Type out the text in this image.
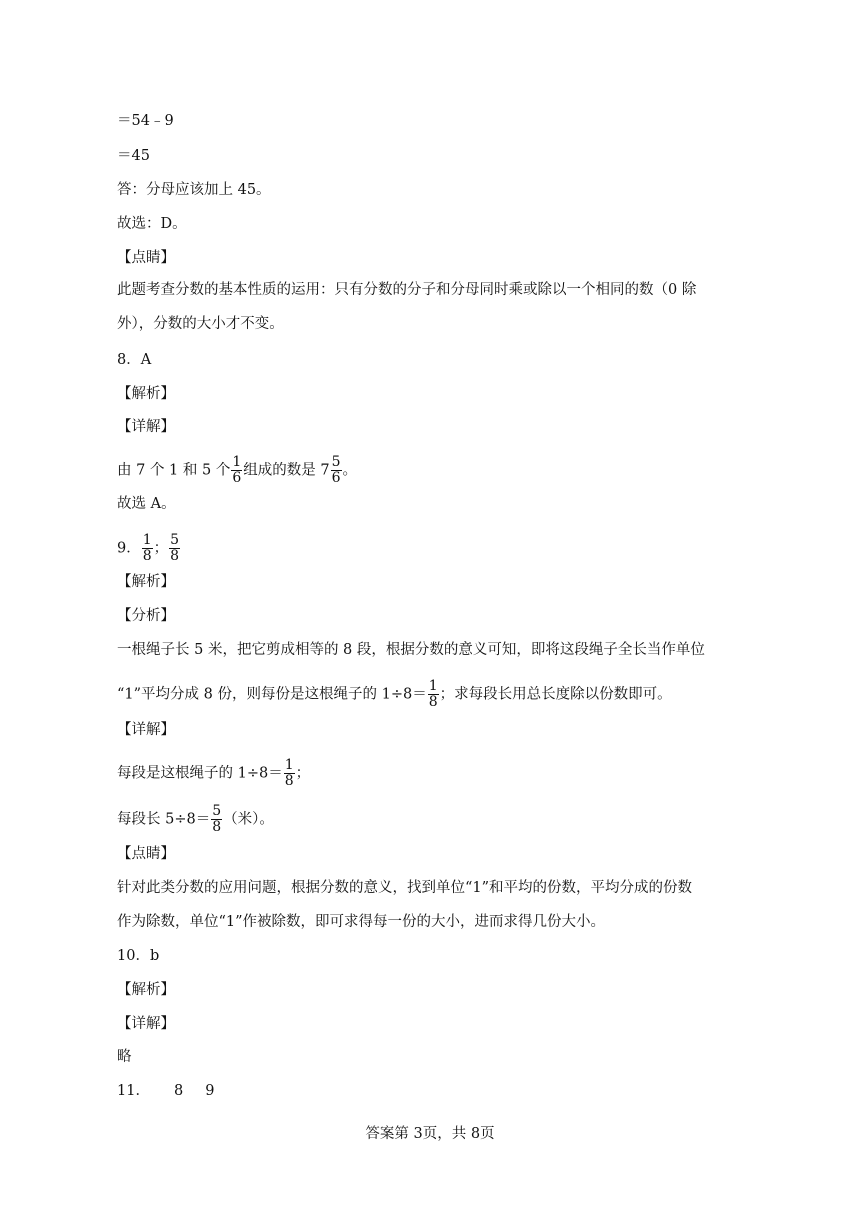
＝54﹣9

＝45

答：分母应该加上 45。

故选：D。

【点睛】

此题考查分数的基本性质的运用：只有分数的分子和分母同时乘或除以一个相同的数（0 除

外），分数的大小才不变。

8．A

【解析】

【详解】

由 7 个 1 和 5 个 $\frac{1}{6}$ 组成的数是 $7 \frac{5}{6}$ 。

故选 A。

9． $\frac{1}{8}$ ； $\frac{5}{8}$

【解析】

【分析】

一根绳子长 5 米，把它剪成相等的 8 段，根据分数的意义可知，即将这段绳子全长当作单位

“1”平均分成 8 份，则每份是这根绳子的 $1\div 8= \frac{1}{8}$ ；求每段长用总长度除以份数即可。

【详解】

每段是这根绳子的 $1\div 8= \frac{1}{8}$ ；

每段长 $5\div 8= \frac{5}{8}$ （米）。

【点睛】

针对此类分数的应用问题，根据分数的意义，找到单位“1”和平均的份数，平均分成的份数

作为除数，单位“1”作被除数，即可求得每一份的大小，进而求得几份大小。

10．b

【解析】

【详解】

略

11． 8 9

答案第 3页，共 8页
